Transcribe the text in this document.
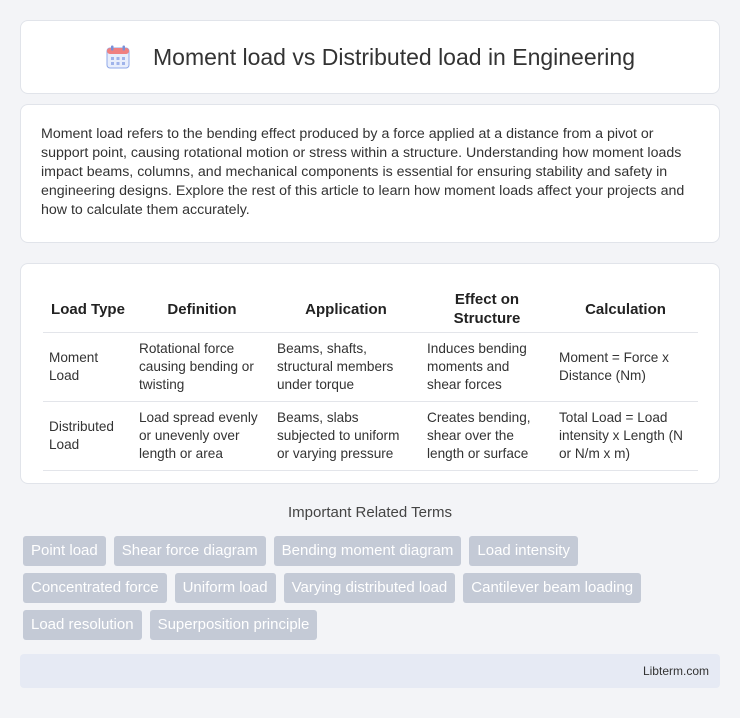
Moment load vs Distributed load in Engineering

Moment load refers to the bending effect produced by a force applied at a distance from a pivot or support point, causing rotational motion or stress within a structure. Understanding how moment loads impact beams, columns, and mechanical components is essential for ensuring stability and safety in engineering designs. Explore the rest of this article to learn how moment loads affect your projects and how to calculate them accurately.

Load Type	Definition	Application	Effect on Structure	Calculation
Moment Load	Rotational force causing bending or twisting	Beams, shafts, structural members under torque	Induces bending moments and shear forces	Moment = Force x Distance (Nm)
Distributed Load	Load spread evenly or unevenly over length or area	Beams, slabs subjected to uniform or varying pressure	Creates bending, shear over the length or surface	Total Load = Load intensity x Length (N or N/m x m)
Important Related Terms
Point load	Shear force diagram	Bending moment diagram	Load intensity
Concentrated force	Uniform load	Varying distributed load	Cantilever beam loading
Load resolution	Superposition principle
Libterm.com
